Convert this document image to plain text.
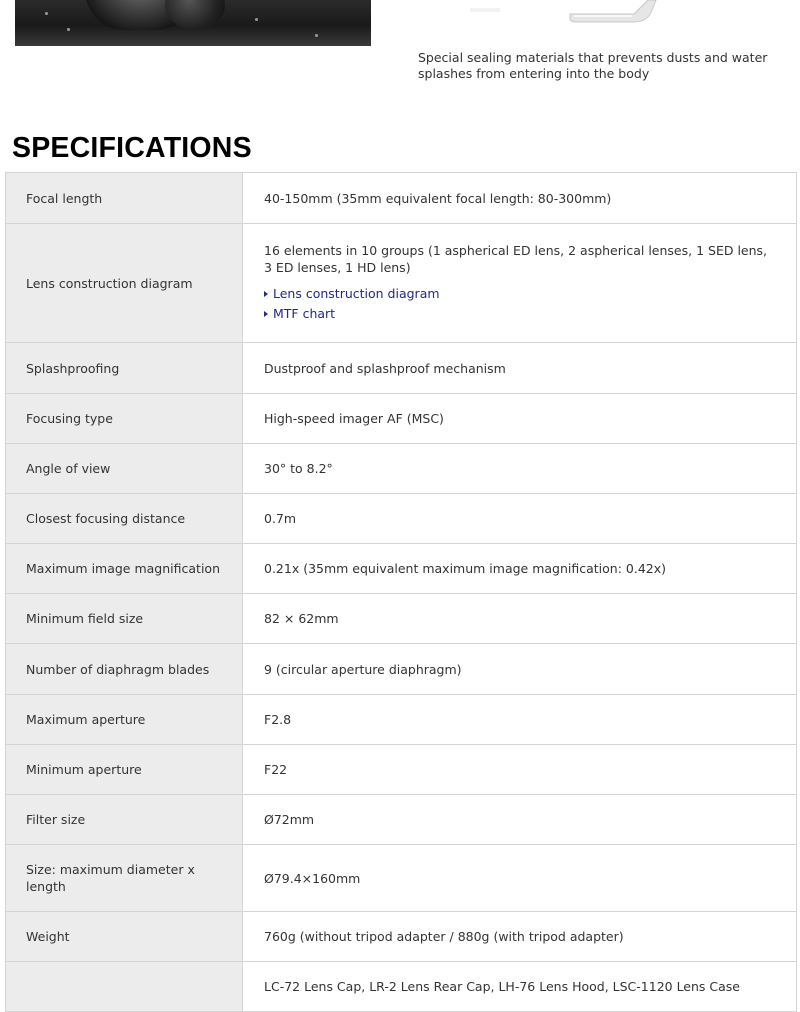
Special sealing materials that prevents dusts and water splashes from entering into the body

SPECIFICATIONS
Focal length	40-150mm (35mm equivalent focal length: 80-300mm)
Lens construction diagram	16 elements in 10 groups (1 aspherical ED lens, 2 aspherical lenses, 1 SED lens, 3 ED lenses, 1 HD lens)
Lens construction diagram
MTF chart

Splashproofing	Dustproof and splashproof mechanism
Focusing type	High-speed imager AF (MSC)
Angle of view	30° to 8.2°
Closest focusing distance	0.7m
Maximum image magnification	0.21x (35mm equivalent maximum image magnification: 0.42x)
Minimum field size	82 × 62mm
Number of diaphragm blades	9 (circular aperture diaphragm)
Maximum aperture	F2.8
Minimum aperture	F22
Filter size	Ø72mm
Size: maximum diameter x length	Ø79.4×160mm
Weight	760g (without tripod adapter / 880g (with tripod adapter)
	LC-72 Lens Cap, LR-2 Lens Rear Cap, LH-76 Lens Hood, LSC-1120 Lens Case
